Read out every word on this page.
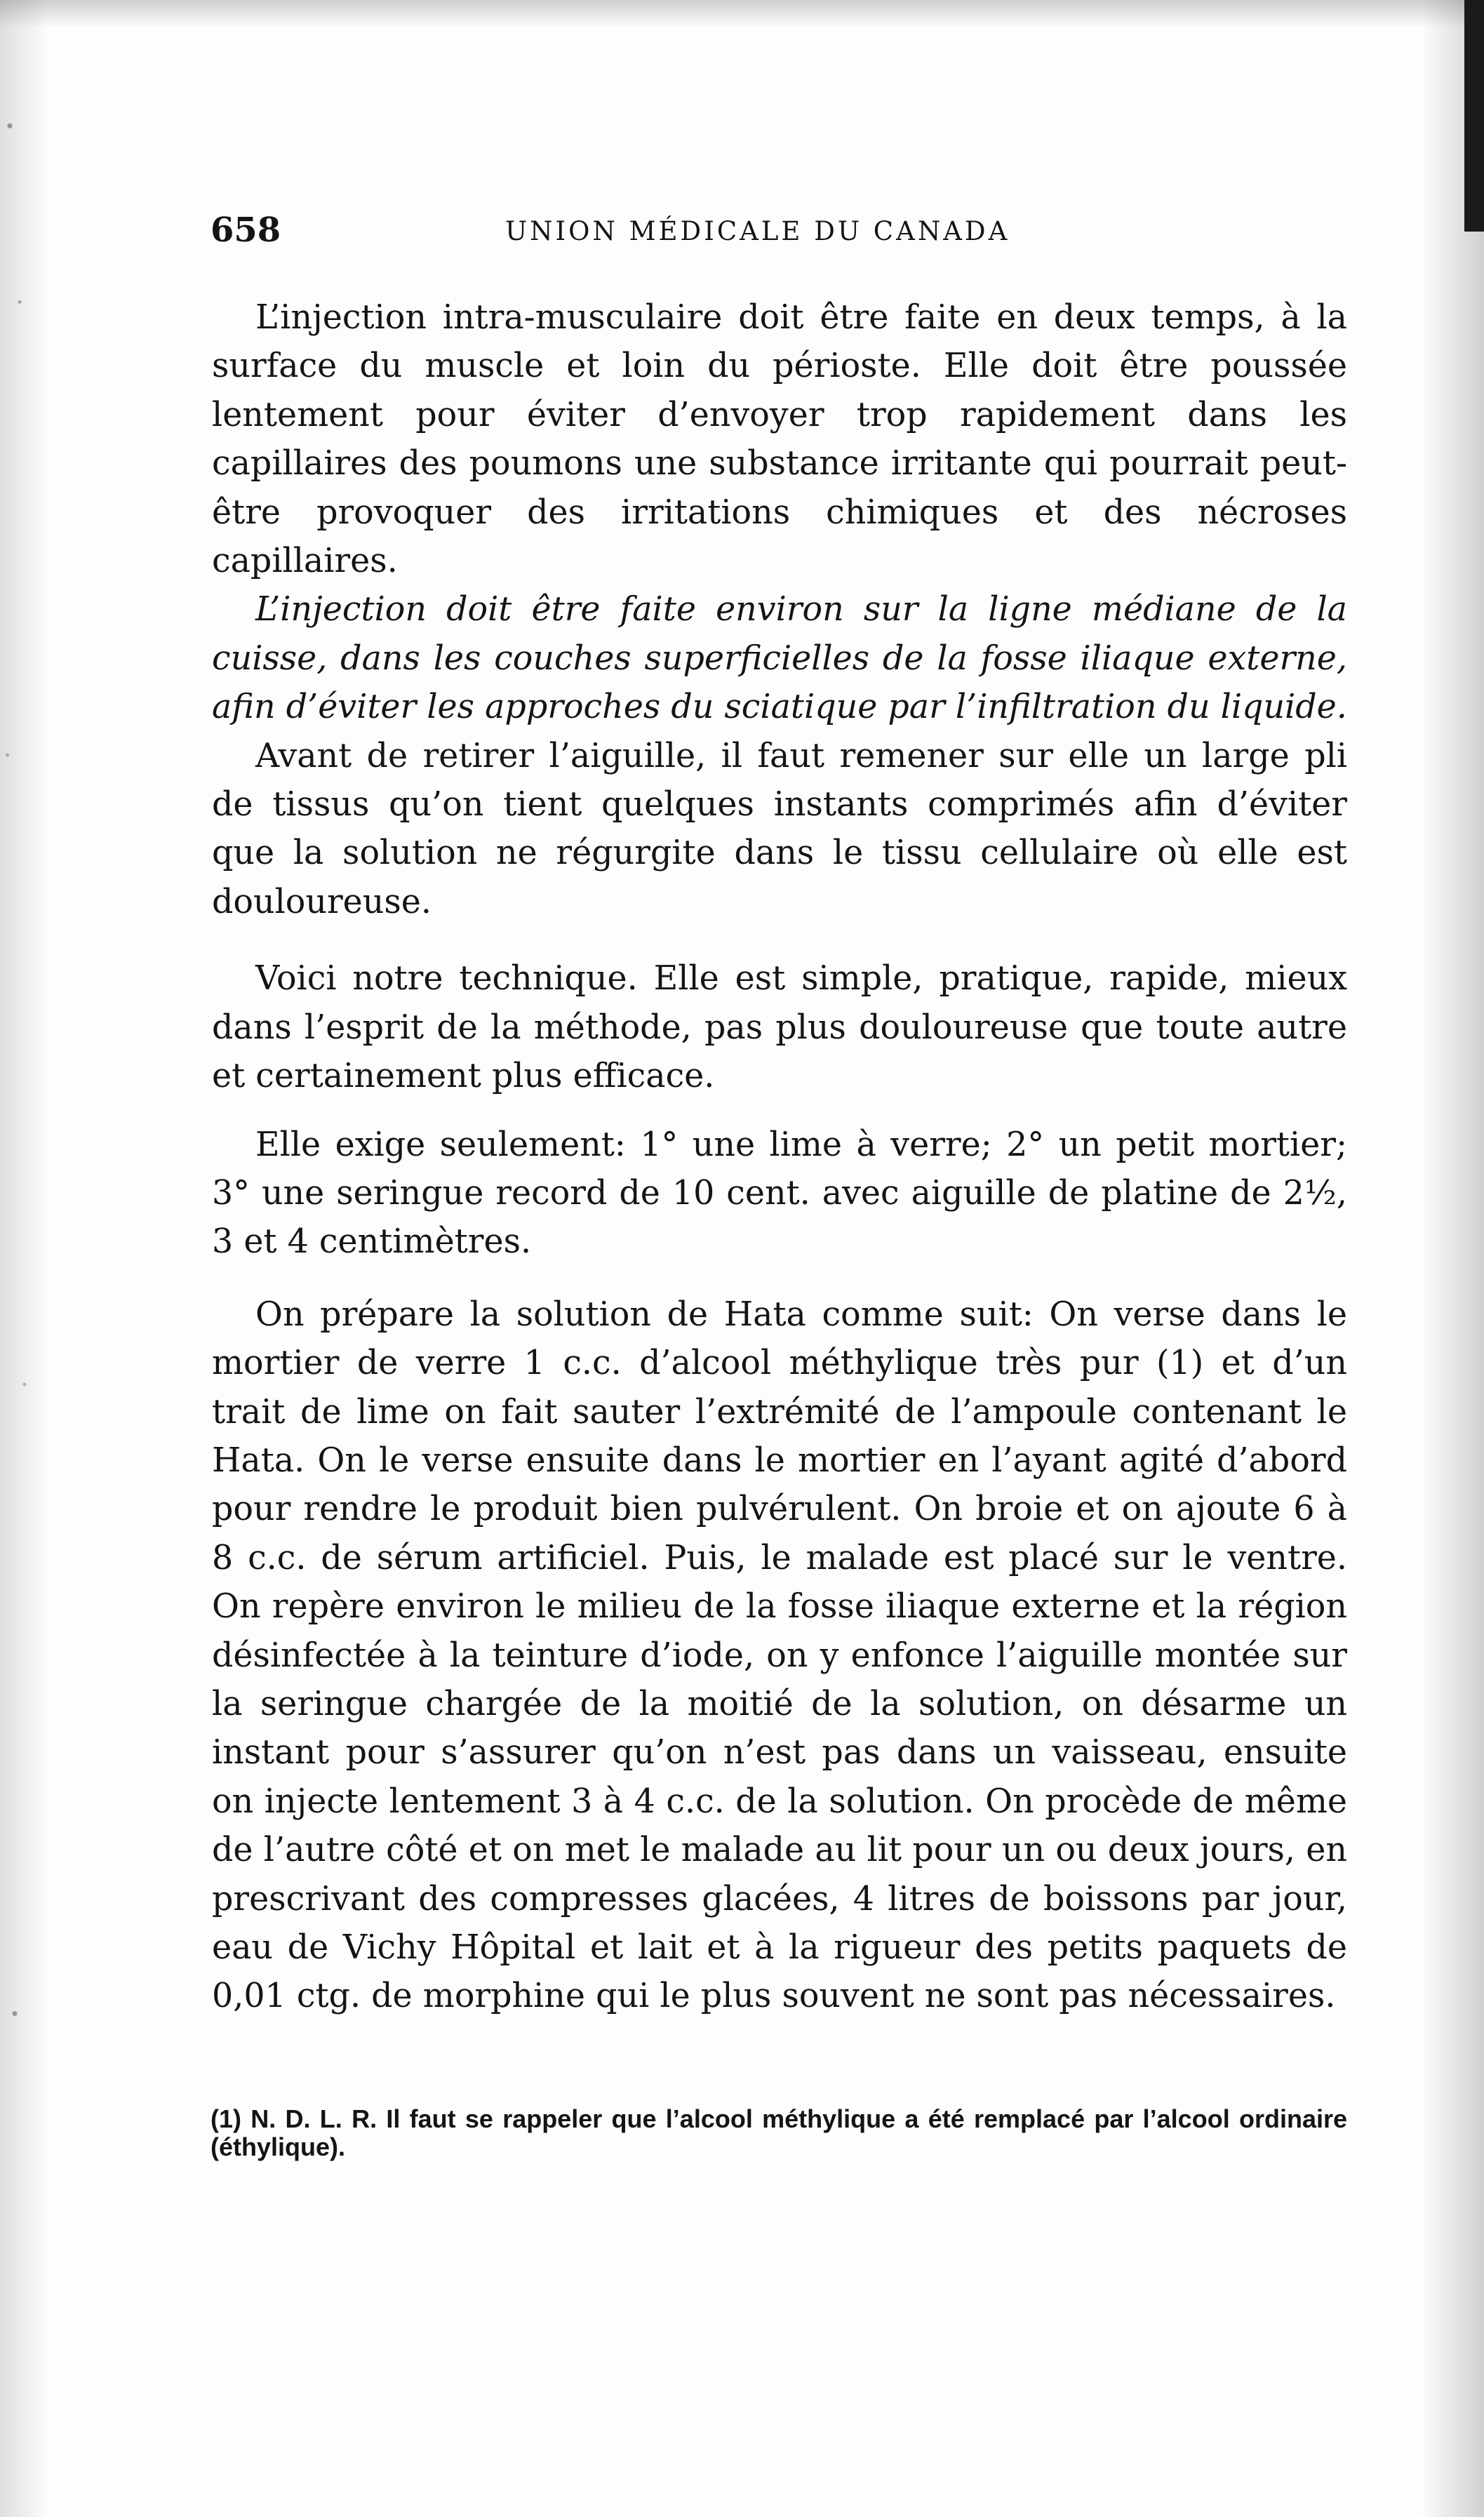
658	UNION MÉDICALE DU CANADA

L’injection intra-musculaire doit être faite en deux temps, à la surface du muscle et loin du périoste. Elle doit être poussée lentement pour éviter d’envoyer trop rapidement dans les capillaires des poumons une substance irritante qui pourrait peut-être provoquer des irritations chimiques et des nécroses capillaires.

L’injection doit être faite environ sur la ligne médiane de la cuisse, dans les couches superficielles de la fosse iliaque externe, afin d’éviter les approches du sciatique par l’infiltration du liquide.

Avant de retirer l’aiguille, il faut remener sur elle un large pli de tissus qu’on tient quelques instants comprimés afin d’éviter que la solution ne régurgite dans le tissu cellulaire où elle est douloureuse.

Voici notre technique. Elle est simple, pratique, rapide, mieux dans l’esprit de la méthode, pas plus douloureuse que toute autre et certainement plus efficace.

Elle exige seulement: 1° une lime à verre; 2° un petit mortier; 3° une seringue record de 10 cent. avec aiguille de platine de 2½, 3 et 4 centimètres.

On prépare la solution de Hata comme suit: On verse dans le mortier de verre 1 c.c. d’alcool méthylique très pur (1) et d’un trait de lime on fait sauter l’extrémité de l’ampoule contenant le Hata. On le verse ensuite dans le mortier en l’ayant agité d’abord pour rendre le produit bien pulvérulent. On broie et on ajoute 6 à 8 c.c. de sérum artificiel. Puis, le malade est placé sur le ventre. On repère environ le milieu de la fosse iliaque externe et la région désinfectée à la teinture d’iode, on y enfonce l’aiguille montée sur la seringue chargée de la moitié de la solution, on désarme un instant pour s’assurer qu’on n’est pas dans un vaisseau, ensuite on injecte lentement 3 à 4 c.c. de la solution. On procède de même de l’autre côté et on met le malade au lit pour un ou deux jours, en prescrivant des compresses glacées, 4 litres de boissons par jour, eau de Vichy Hôpital et lait et à la rigueur des petits paquets de 0,01 ctg. de morphine qui le plus souvent ne sont pas nécessaires.

(1) N. D. L. R. Il faut se rappeler que l’alcool méthylique a été remplacé par l’alcool ordinaire (éthylique).
